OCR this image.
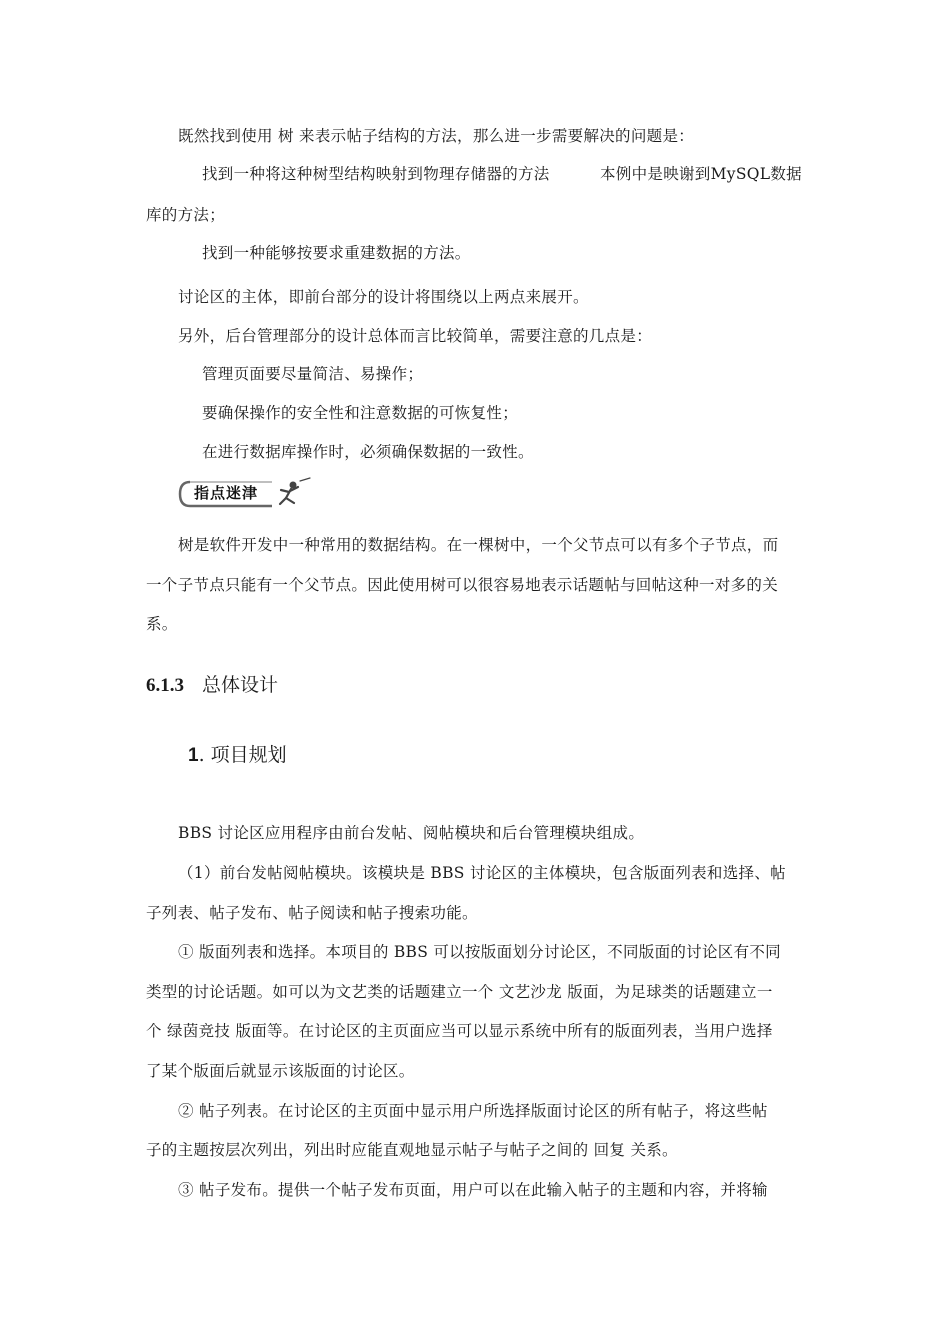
既然找到使用 树 来表示帖子结构的方法，那么进一步需要解决的问题是：
找到一种将这种树型结构映射到物理存储器的方法	本例中是映谢到MySQL数据
库的方法；
找到一种能够按要求重建数据的方法。
讨论区的主体，即前台部分的设计将围绕以上两点来展开。
另外，后台管理部分的设计总体而言比较简单，需要注意的几点是：
管理页面要尽量简洁、易操作；
要确保操作的安全性和注意数据的可恢复性；
在进行数据库操作时，必须确保数据的一致性。
指点迷津
树是软件开发中一种常用的数据结构。在一棵树中，一个父节点可以有多个子节点，而
一个子节点只能有一个父节点。因此使用树可以很容易地表示话题帖与回帖这种一对多的关
系。
6.1.3 总体设计
1. 项目规划
BBS 讨论区应用程序由前台发帖、阅帖模块和后台管理模块组成。
（1）前台发帖阅帖模块。该模块是 BBS 讨论区的主体模块，包含版面列表和选择、帖
子列表、帖子发布、帖子阅读和帖子搜索功能。
① 版面列表和选择。本项目的 BBS 可以按版面划分讨论区，不同版面的讨论区有不同
类型的讨论话题。如可以为文艺类的话题建立一个 文艺沙龙 版面，为足球类的话题建立一
个 绿茵竞技 版面等。在讨论区的主页面应当可以显示系统中所有的版面列表，当用户选择
了某个版面后就显示该版面的讨论区。
② 帖子列表。在讨论区的主页面中显示用户所选择版面讨论区的所有帖子，将这些帖
子的主题按层次列出，列出时应能直观地显示帖子与帖子之间的 回复 关系。
③ 帖子发布。提供一个帖子发布页面，用户可以在此输入帖子的主题和内容，并将输
